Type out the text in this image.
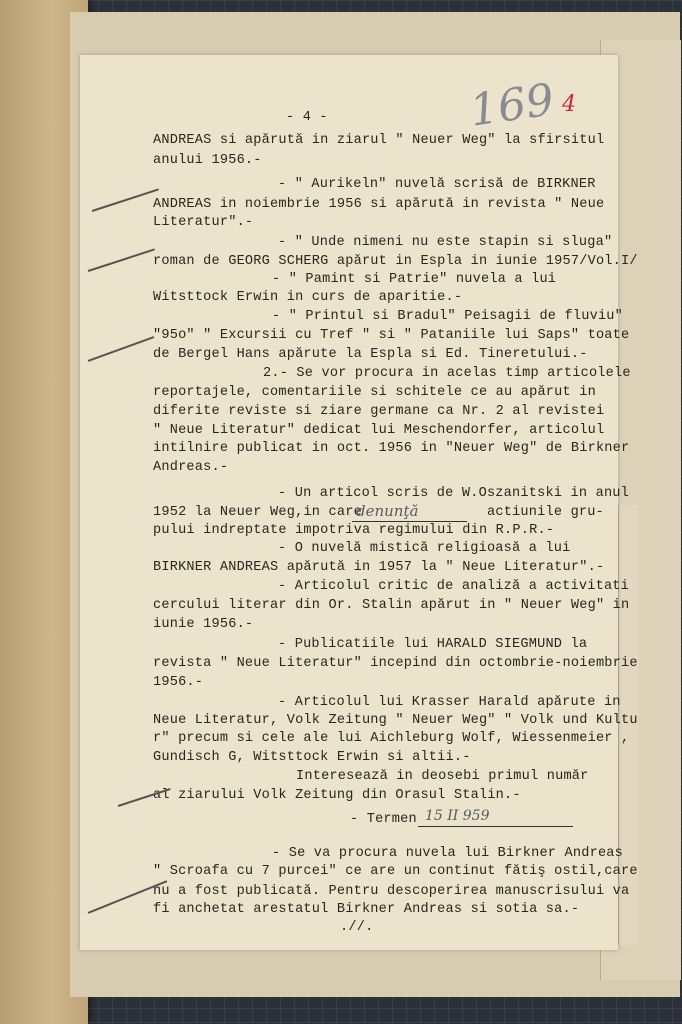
169 4
- 4 -
ANDREAS si apărută in ziarul " Neuer Weg" la sfirsitul
anului 1956.-
- " Aurikeln" nuvelă scrisă de BIRKNER
ANDREAS in noiembrie 1956 si apărută in revista " Neue
Literatur".-
- " Unde nimeni nu este stapin si sluga"
roman de GEORG SCHERG apărut in Espla in iunie 1957/Vol.I/
- " Pamint si Patrie" nuvela a lui
Witsttock Erwin in curs de aparitie.-
- " Printul si Bradul" Peisagii de fluviu"
"95o" " Excursii cu Tref " si " Pataniile lui Saps" toate
de Bergel Hans apărute la Espla si Ed. Tineretului.-
2.- Se vor procura in acelas timp articolele
reportajele, comentariile si schitele ce au apărut in
diferite reviste si ziare germane ca Nr. 2 al revistei
" Neue Literatur" dedicat lui Meschendorfer, articolul
intilnire publicat in oct. 1956 in "Neuer Weg" de Birkner
Andreas.-
- Un articol scris de W.Oszanitski in anul
1952 la Neuer Weg,in care
denunţă	actiunile gru-
pului indreptate impotriva regimului din R.P.R.-
- O nuvelă mistică religioasă a lui
BIRKNER ANDREAS apărută in 1957 la " Neue Literatur".-
- Articolul critic de analiză a activitati
cercului literar din Or. Stalin apărut in " Neuer Weg" in
iunie 1956.-
- Publicatiile lui HARALD SIEGMUND la
revista " Neue Literatur" incepind din octombrie-noiembrie
1956.-
- Articolul lui Krasser Harald apărute in
Neue Literatur, Volk Zeitung " Neuer Weg" " Volk und Kultu
r" precum si cele ale lui Aichleburg Wolf, Wiessenmeier ,
Gundisch G, Witsttock Erwin si altii.-
Interesează in deosebi primul număr
al ziarului Volk Zeitung din Orasul Stalin.-
- Termen 15 II 959
- Se va procura nuvela lui Birkner Andreas
" Scroafa cu 7 purcei" ce are un continut fătiş ostil,care
nu a fost publicată. Pentru descoperirea manuscrisului va
fi anchetat arestatul Birkner Andreas si sotia sa.-
.//.
